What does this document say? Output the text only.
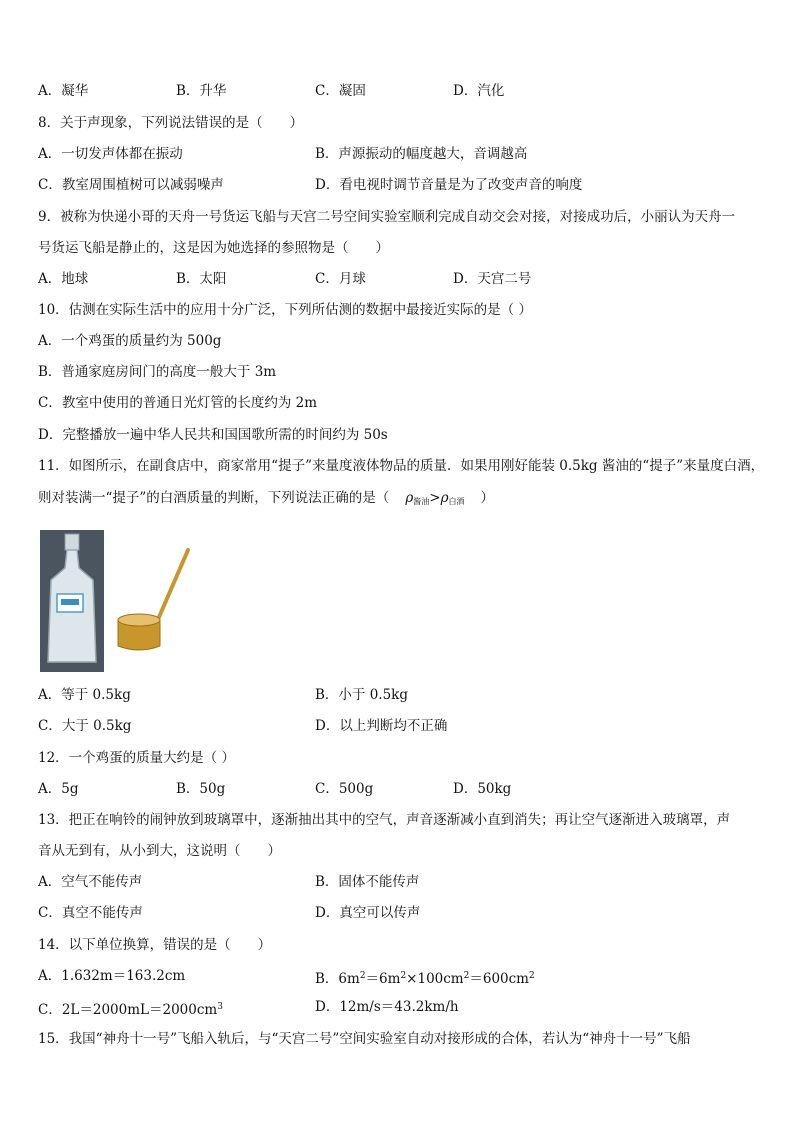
A．凝华	B．升华	C．凝固	D．汽化
8．关于声现象，下列说法错误的是（　　）
A．一切发声体都在振动	B．声源振动的幅度越大，音调越高
C．教室周围植树可以减弱噪声	D．看电视时调节音量是为了改变声音的响度
9．被称为快递小哥的天舟一号货运飞船与天宫二号空间实验室顺利完成自动交会对接，对接成功后，小丽认为天舟一
号货运飞船是静止的，这是因为她选择的参照物是（　　）
A．地球	B．太阳	C．月球	D．天宫二号
10．估测在实际生活中的应用十分广泛，下列所估测的数据中最接近实际的是（ ）
A．一个鸡蛋的质量约为 500g
B．普通家庭房间门的高度一般大于 3m
C．教室中使用的普通日光灯管的长度约为 2m
D．完整播放一遍中华人民共和国国歌所需的时间约为 50s
11．如图所示，在副食店中，商家常用“提子”来量度液体物品的质量．如果用刚好能装 0.5kg 酱油的“提子”来量度白酒，
则对装满一“提子”的白酒质量的判断，下列说法正确的是（ ρ酱油>ρ白酒 ）
A．等于 0.5kg	B．小于 0.5kg
C．大于 0.5kg	D．以上判断均不正确
12．一个鸡蛋的质量大约是（ ）
A．5g	B．50g	C．500g	D．50kg
13．把正在响铃的闹钟放到玻璃罩中，逐渐抽出其中的空气，声音逐渐减小直到消失；再让空气逐渐进入玻璃罩，声
音从无到有，从小到大，这说明（　　）
A．空气不能传声	B．固体不能传声
C．真空不能传声	D．真空可以传声
14．以下单位换算，错误的是（　　）
A．1.632m＝163.2cm	B．$6m^2=6m^2\times 100cm^2=600cm^2$
C．$2L=2000mL=2000cm^3$	D．12m/s＝43.2km/h
15．我国“神舟十一号”飞船入轨后，与“天宫二号”空间实验室自动对接形成的合体，若认为“神舟十一号”飞船
